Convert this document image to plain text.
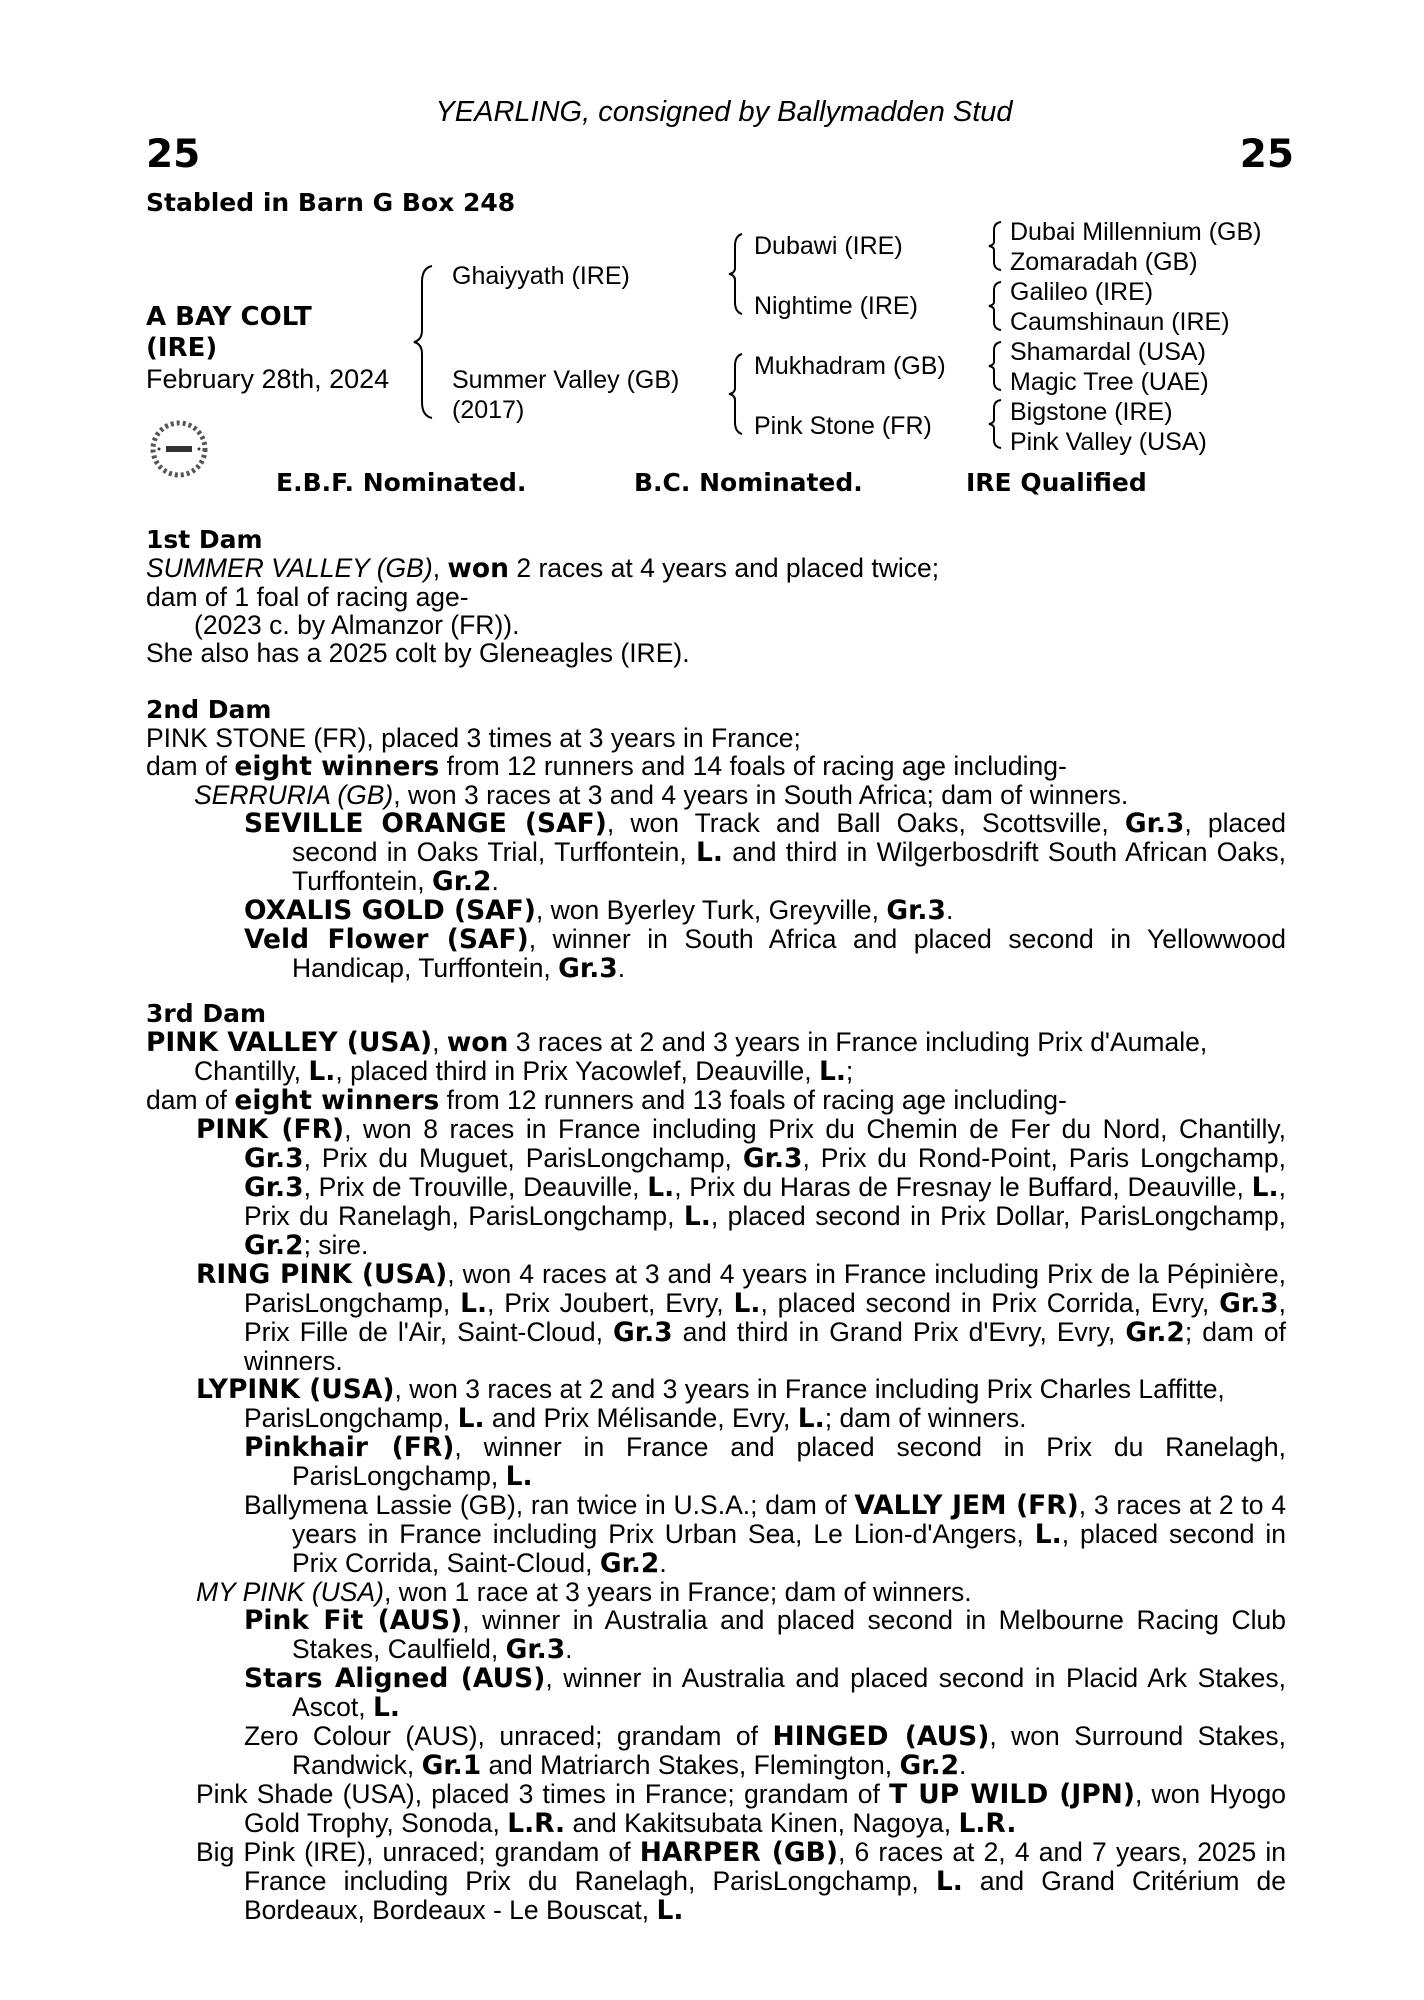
YEARLING, consigned by Ballymadden Stud
25	25
Stabled in Barn G Box 248
A BAY COLT
(IRE)
February 28th, 2024
Ghaiyyath (IRE)
Summer Valley (GB)
(2017)
Dubawi (IRE)
Nightime (IRE)
Mukhadram (GB)
Pink Stone (FR)
Dubai Millennium (GB)
Zomaradah (GB)
Galileo (IRE)
Caumshinaun (IRE)
Shamardal (USA)
Magic Tree (UAE)
Bigstone (IRE)
Pink Valley (USA)
E.B.F. Nominated.	B.C. Nominated.	IRE Qualified
1st Dam

SUMMER VALLEY (GB), won 2 races at 4 years and placed twice;

dam of 1 foal of racing age-

(2023 c. by Almanzor (FR)).

She also has a 2025 colt by Gleneagles (IRE).

2nd Dam

PINK STONE (FR), placed 3 times at 3 years in France;

dam of eight winners from 12 runners and 14 foals of racing age including-

SERRURIA (GB), won 3 races at 3 and 4 years in South Africa; dam of winners.

SEVILLE ORANGE (SAF), won Track and Ball Oaks, Scottsville, Gr.3, placed second in Oaks Trial, Turffontein, L. and third in Wilgerbosdrift South African Oaks, Turffontein, Gr.2.

OXALIS GOLD (SAF), won Byerley Turk, Greyville, Gr.3.

Veld Flower (SAF), winner in South Africa and placed second in Yellowwood Handicap, Turffontein, Gr.3.

3rd Dam

PINK VALLEY (USA), won 3 races at 2 and 3 years in France including Prix d'Aumale, Chantilly, L., placed third in Prix Yacowlef, Deauville, L.;

dam of eight winners from 12 runners and 13 foals of racing age including-

PINK (FR), won 8 races in France including Prix du Chemin de Fer du Nord, Chantilly, Gr.3, Prix du Muguet, ParisLongchamp, Gr.3, Prix du Rond-Point, Paris Longchamp, Gr.3, Prix de Trouville, Deauville, L., Prix du Haras de Fresnay le Buffard, Deauville, L., Prix du Ranelagh, ParisLongchamp, L., placed second in Prix Dollar, ParisLongchamp, Gr.2; sire.

RING PINK (USA), won 4 races at 3 and 4 years in France including Prix de la Pépinière, ParisLongchamp, L., Prix Joubert, Evry, L., placed second in Prix Corrida, Evry, Gr.3, Prix Fille de l'Air, Saint-Cloud, Gr.3 and third in Grand Prix d'Evry, Evry, Gr.2; dam of winners.

LYPINK (USA), won 3 races at 2 and 3 years in France including Prix Charles Laffitte, ParisLongchamp, L. and Prix Mélisande, Evry, L.; dam of winners.

Pinkhair (FR), winner in France and placed second in Prix du Ranelagh, ParisLongchamp, L.

Ballymena Lassie (GB), ran twice in U.S.A.; dam of VALLY JEM (FR), 3 races at 2 to 4 years in France including Prix Urban Sea, Le Lion-d'Angers, L., placed second in Prix Corrida, Saint-Cloud, Gr.2.

MY PINK (USA), won 1 race at 3 years in France; dam of winners.

Pink Fit (AUS), winner in Australia and placed second in Melbourne Racing Club Stakes, Caulfield, Gr.3.

Stars Aligned (AUS), winner in Australia and placed second in Placid Ark Stakes, Ascot, L.

Zero Colour (AUS), unraced; grandam of HINGED (AUS), won Surround Stakes, Randwick, Gr.1 and Matriarch Stakes, Flemington, Gr.2.

Pink Shade (USA), placed 3 times in France; grandam of T UP WILD (JPN), won Hyogo Gold Trophy, Sonoda, L.R. and Kakitsubata Kinen, Nagoya, L.R.

Big Pink (IRE), unraced; grandam of HARPER (GB), 6 races at 2, 4 and 7 years, 2025 in France including Prix du Ranelagh, ParisLongchamp, L. and Grand Critérium de Bordeaux, Bordeaux - Le Bouscat, L.
